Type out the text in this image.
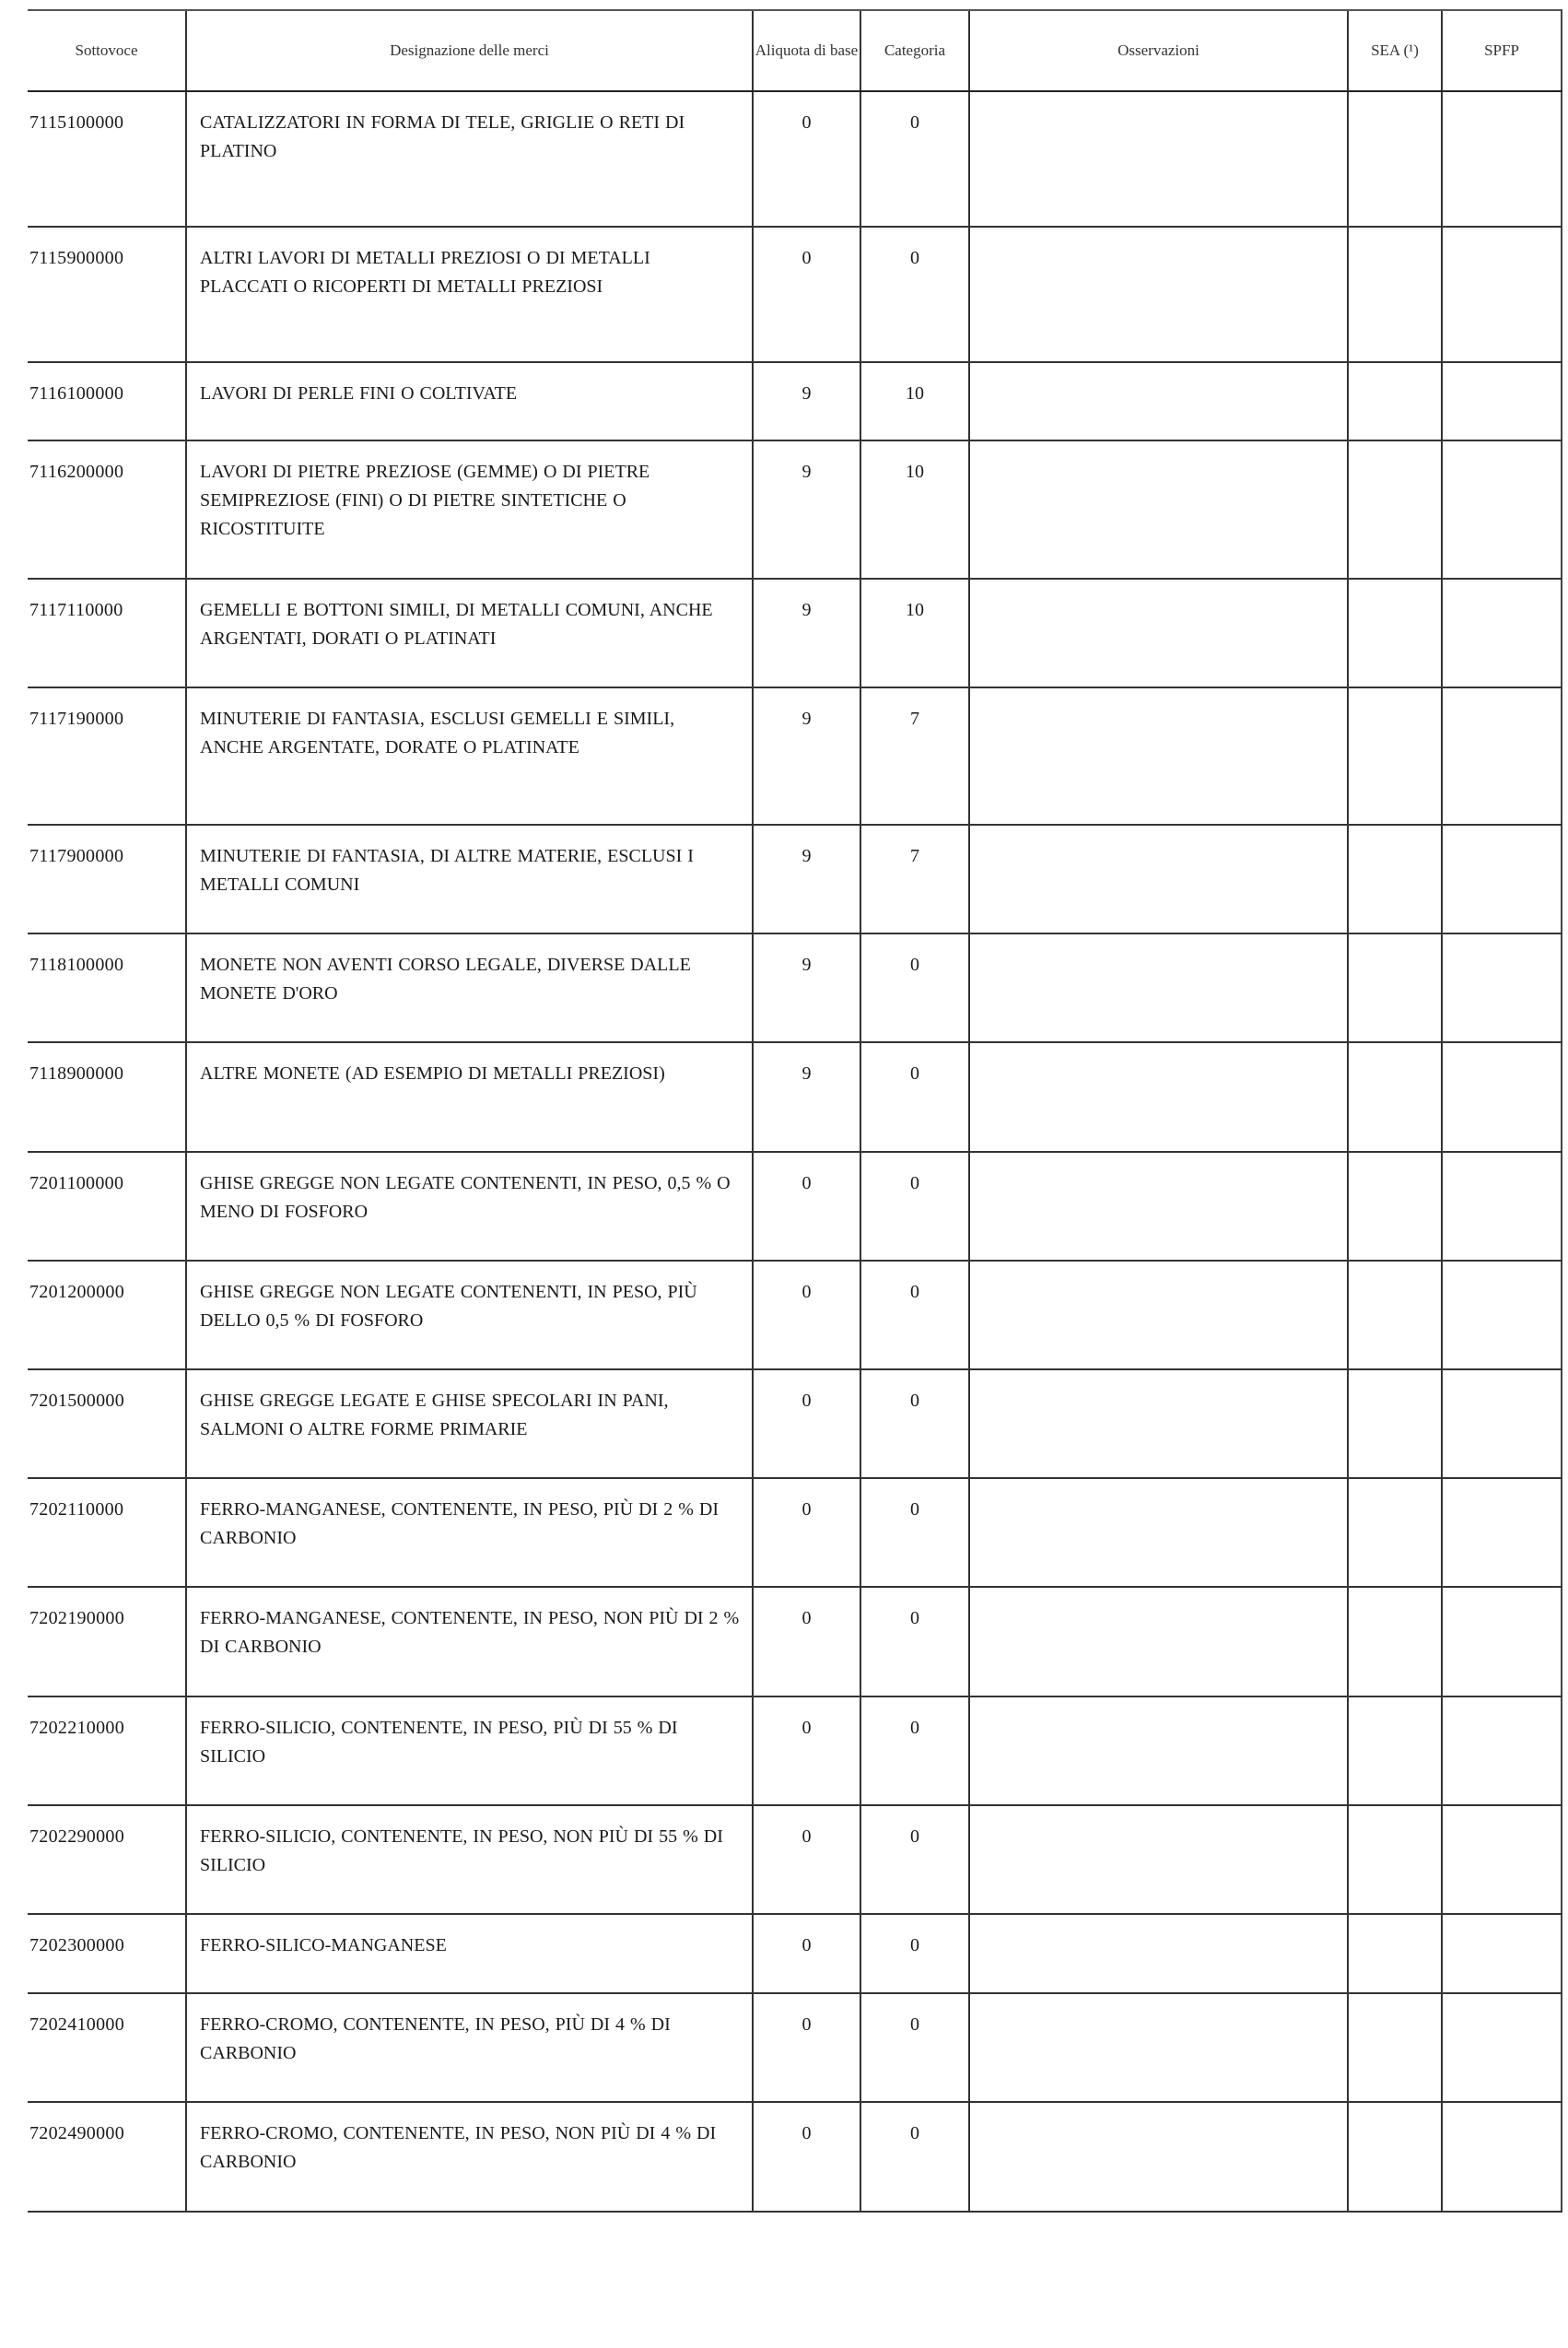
Sottovoce	Designazione delle merci	Aliquota di base	Categoria	Osservazioni	SEA (¹)	SPFP
7115100000	CATALIZZATORI IN FORMA DI TELE, GRIGLIE O RETI DI PLATINO	0	0			
7115900000	ALTRI LAVORI DI METALLI PREZIOSI O DI METALLI PLACCATI O RICOPERTI DI METALLI PREZIOSI	0	0			
7116100000	LAVORI DI PERLE FINI O COLTIVATE	9	10			
7116200000	LAVORI DI PIETRE PREZIOSE (GEMME) O DI PIETRE SEMIPREZIOSE (FINI) O DI PIETRE SINTETICHE O RICOSTITUITE	9	10			
7117110000	GEMELLI E BOTTONI SIMILI, DI METALLI COMUNI, ANCHE ARGENTATI, DORATI O PLATINATI	9	10			
7117190000	MINUTERIE DI FANTASIA, ESCLUSI GEMELLI E SIMILI, ANCHE ARGENTATE, DORATE O PLATINATE	9	7			
7117900000	MINUTERIE DI FANTASIA, DI ALTRE MATERIE, ESCLUSI I METALLI COMUNI	9	7			
7118100000	MONETE NON AVENTI CORSO LEGALE, DIVERSE DALLE MONETE D'ORO	9	0			
7118900000	ALTRE MONETE (AD ESEMPIO DI METALLI PREZIOSI)	9	0			
7201100000	GHISE GREGGE NON LEGATE CONTENENTI, IN PESO, 0,5 % O MENO DI FOSFORO	0	0			
7201200000	GHISE GREGGE NON LEGATE CONTENENTI, IN PESO, PIÙ DELLO 0,5 % DI FOSFORO	0	0			
7201500000	GHISE GREGGE LEGATE E GHISE SPECOLARI IN PANI, SALMONI O ALTRE FORME PRIMARIE	0	0			
7202110000	FERRO-MANGANESE, CONTENENTE, IN PESO, PIÙ DI 2 % DI CARBONIO	0	0			
7202190000	FERRO-MANGANESE, CONTENENTE, IN PESO, NON PIÙ DI 2 % DI CARBONIO	0	0			
7202210000	FERRO-SILICIO, CONTENENTE, IN PESO, PIÙ DI 55 % DI SILICIO	0	0			
7202290000	FERRO-SILICIO, CONTENENTE, IN PESO, NON PIÙ DI 55 % DI SILICIO	0	0			
7202300000	FERRO-SILICO-MANGANESE	0	0			
7202410000	FERRO-CROMO, CONTENENTE, IN PESO, PIÙ DI 4 % DI CARBONIO	0	0			
7202490000	FERRO-CROMO, CONTENENTE, IN PESO, NON PIÙ DI 4 % DI CARBONIO	0	0			
